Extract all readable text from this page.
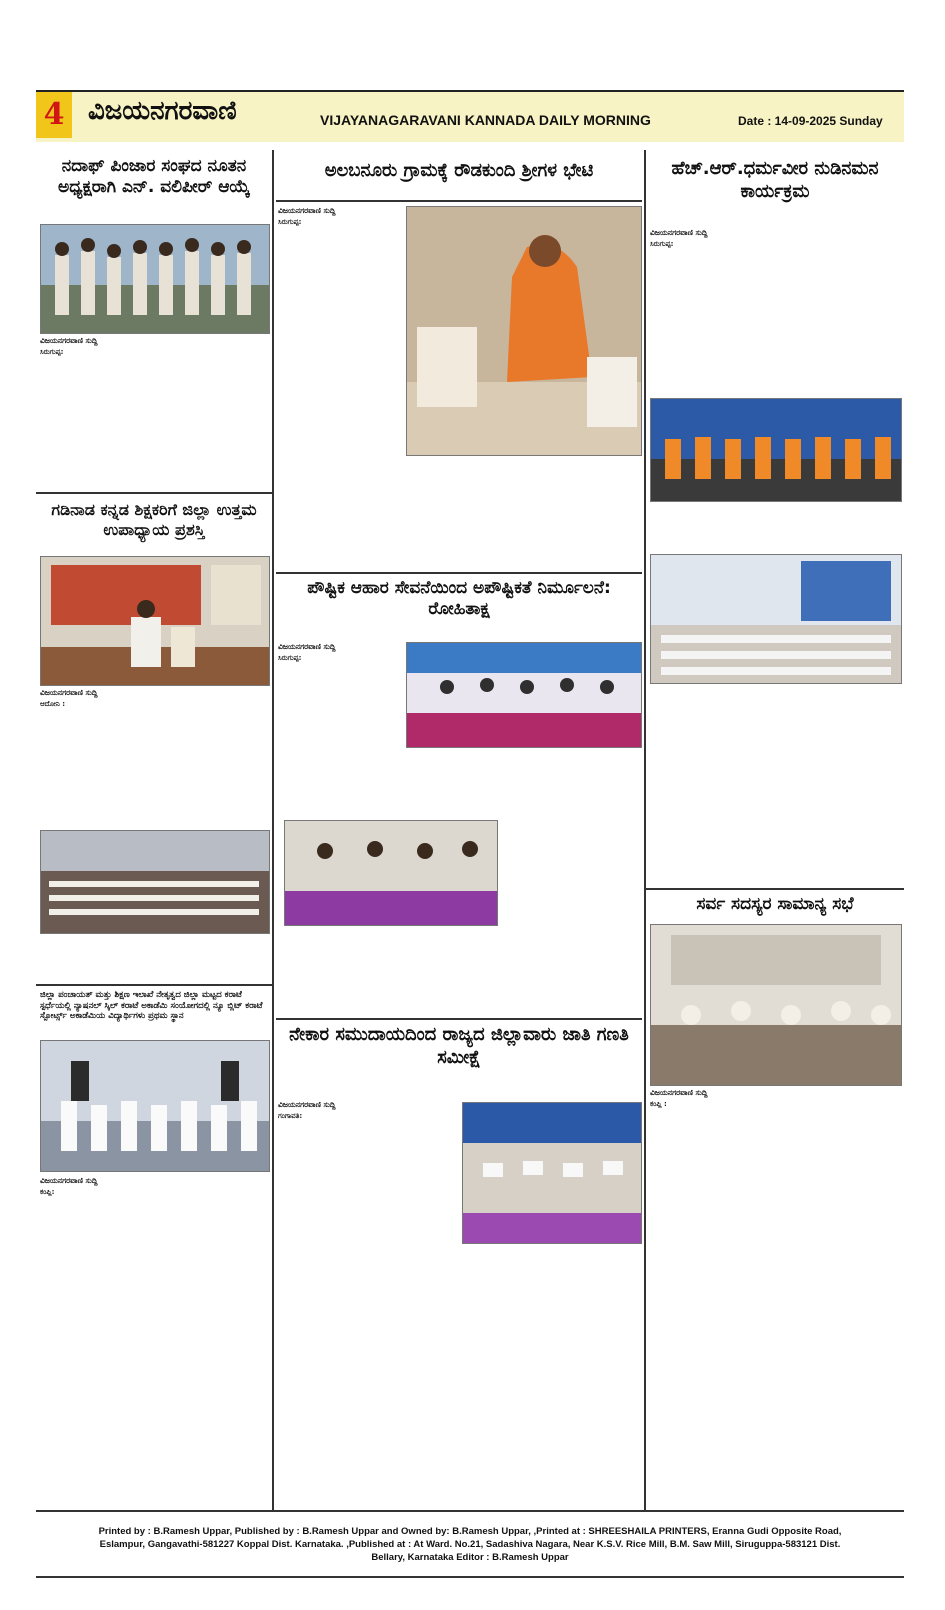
4 ವಿಜಯನಗರವಾಣಿ	VIJAYANAGARAVANI KANNADA DAILY MORNING	Date : 14-09-2025 Sunday
ನದಾಫ್ ಪಿಂಜಾರ ಸಂಘದ ನೂತನ ಅಧ್ಯಕ್ಷರಾಗಿ ಎನ್. ವಲಿಪೀರ್ ಆಯ್ಕೆ
ವಿಜಯನಗರವಾಣಿ ಸುದ್ದಿ
ಸಿರುಗುಪ್ಪ:
ಗಡಿನಾಡ ಕನ್ನಡ ಶಿಕ್ಷಕರಿಗೆ ಜಿಲ್ಲಾ ಉತ್ತಮ ಉಪಾಧ್ಯಾಯ ಪ್ರಶಸ್ತಿ
ವಿಜಯನಗರವಾಣಿ ಸುದ್ದಿ
ಆದೋನಿ :
ಜಿಲ್ಲಾ ಪಂಚಾಯತ್ ಮತ್ತು ಶಿಕ್ಷಣ ಇಲಾಖೆ ನೇತೃತ್ವದ ಜಿಲ್ಲಾ ಮಟ್ಟದ ಕರಾಟೆ ಸ್ಪರ್ಧೆಯಲ್ಲಿ ನ್ಯಾಷನಲ್ ಸ್ಕಿಲ್ ಕರಾಟೆ ಅಕಾಡೆಮಿ ಸಂಯೋಗದಲ್ಲಿ ನ್ಯೂ ಬ್ಲಿಟ್ ಕರಾಟೆ ಸ್ಪೋರ್ಟ್ಸ್ ಅಕಾಡೆಮಿಯ ವಿದ್ಯಾರ್ಥಿಗಳು ಪ್ರಥಮ ಸ್ಥಾನ
ವಿಜಯನಗರವಾಣಿ ಸುದ್ದಿ
ಕಂಪ್ಲಿ:
ಅಲಬನೂರು ಗ್ರಾಮಕ್ಕೆ ರೌಡಕುಂದಿ ಶ್ರೀಗಳ ಭೇಟಿ
ವಿಜಯನಗರವಾಣಿ ಸುದ್ದಿ
ಸಿರುಗುಪ್ಪ:
ಪೌಷ್ಟಿಕ ಆಹಾರ ಸೇವನೆಯಿಂದ ಅಪೌಷ್ಟಿಕತೆ ನಿರ್ಮೂಲನೆ: ರೋಹಿತಾಕ್ಷ
ವಿಜಯನಗರವಾಣಿ ಸುದ್ದಿ
ಸಿರುಗುಪ್ಪ:
ನೇಕಾರ ಸಮುದಾಯದಿಂದ ರಾಜ್ಯದ ಜಿಲ್ಲಾವಾರು ಜಾತಿ ಗಣತಿ ಸಮೀಕ್ಷೆ
ವಿಜಯನಗರವಾಣಿ ಸುದ್ದಿ
ಗಂಗಾವತಿ:
ಹೆಚ್.ಆರ್.ಧರ್ಮವೀರ ನುಡಿನಮನ ಕಾರ್ಯಕ್ರಮ
ವಿಜಯನಗರವಾಣಿ ಸುದ್ದಿ
ಸಿರುಗುಪ್ಪ:
ಸರ್ವ ಸದಸ್ಯರ ಸಾಮಾನ್ಯ ಸಭೆ
ವಿಜಯನಗರವಾಣಿ ಸುದ್ದಿ
ಕಂಪ್ಲಿ :
Printed by : B.Ramesh Uppar, Published by : B.Ramesh Uppar and Owned by: B.Ramesh Uppar, ,Printed at : SHREESHAILA PRINTERS, Eranna Gudi Opposite Road,
Eslampur, Gangavathi-581227 Koppal Dist. Karnataka. ,Published at : At Ward. No.21, Sadashiva Nagara, Near K.S.V. Rice Mill, B.M. Saw Mill, Siruguppa-583121 Dist.
Bellary, Karnataka Editor : B.Ramesh Uppar
